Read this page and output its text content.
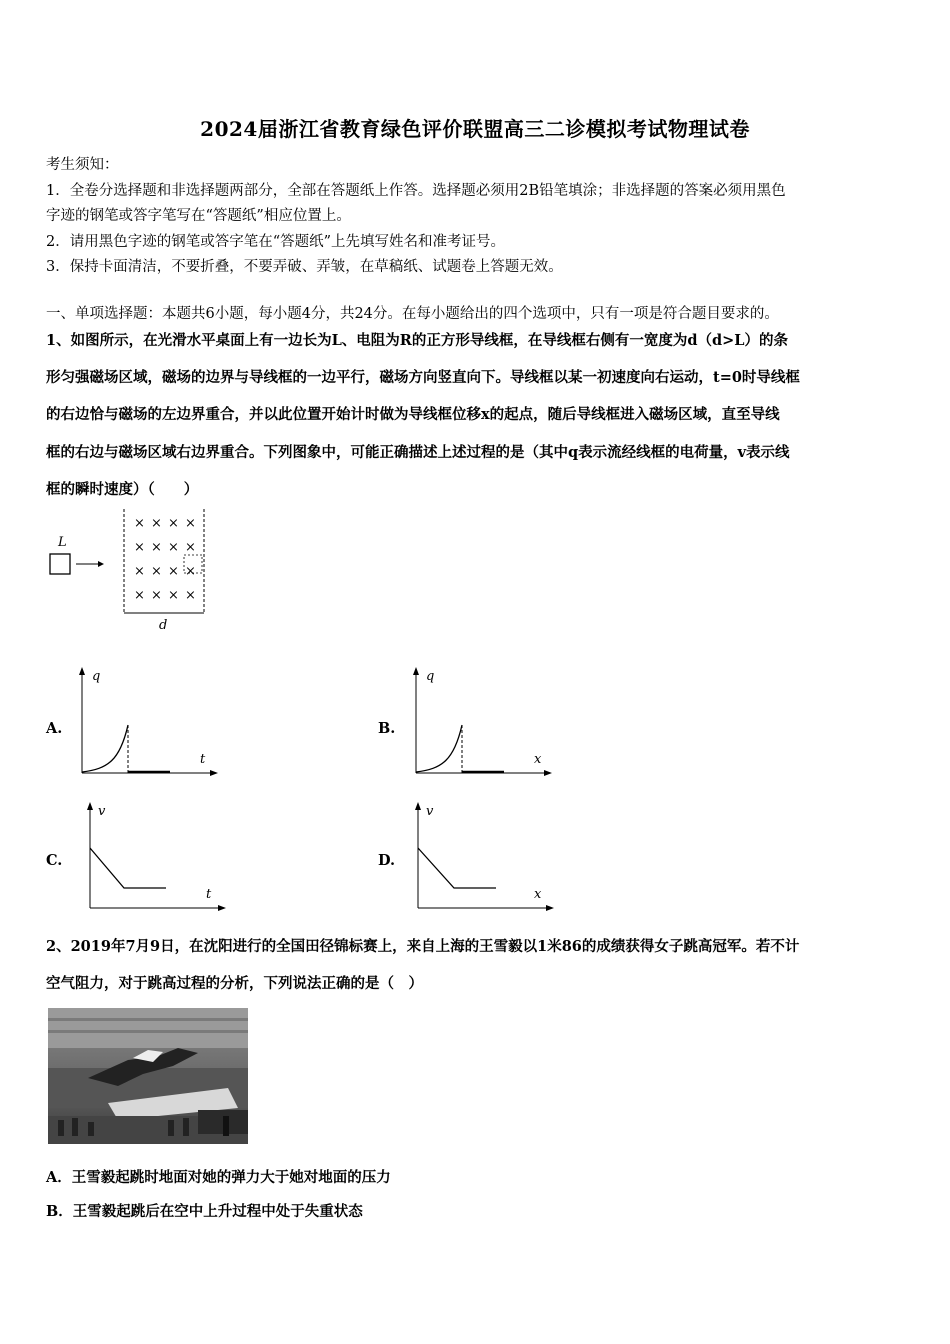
2024届浙江省教育绿色评价联盟高三二诊模拟考试物理试卷
考生须知：
1．全卷分选择题和非选择题两部分，全部在答题纸上作答。选择题必须用2B铅笔填涂；非选择题的答案必须用黑色
字迹的钢笔或答字笔写在“答题纸”相应位置上。
2．请用黑色字迹的钢笔或答字笔在“答题纸”上先填写姓名和准考证号。
3．保持卡面清洁，不要折叠，不要弄破、弄皱，在草稿纸、试题卷上答题无效。
一、单项选择题：本题共6小题，每小题4分，共24分。在每小题给出的四个选项中，只有一项是符合题目要求的。
1、如图所示，在光滑水平桌面上有一边长为L、电阻为R的正方形导线框，在导线框右侧有一宽度为d（d>L）的条
形匀强磁场区域，磁场的边界与导线框的一边平行，磁场方向竖直向下。导线框以某一初速度向右运动，t=0时导线框
的右边恰与磁场的左边界重合，并以此位置开始计时做为导线框位移x的起点，随后导线框进入磁场区域，直至导线
框的右边与磁场区域右边界重合。下列图象中，可能正确描述上述过程的是（其中q表示流经线框的电荷量，v表示线
框的瞬时速度）（　　）
L
× × × ×
× × × ×
× × × ×
× × × ×
d
A.
q
t
B.
q
x
C.
v
t
D.
v
x
2、2019年7月9日，在沈阳进行的全国田径锦标赛上，来自上海的王雪毅以1米86的成绩获得女子跳高冠军。若不计
空气阻力，对于跳高过程的分析，下列说法正确的是（　）
A．王雪毅起跳时地面对她的弹力大于她对地面的压力
B．王雪毅起跳后在空中上升过程中处于失重状态
